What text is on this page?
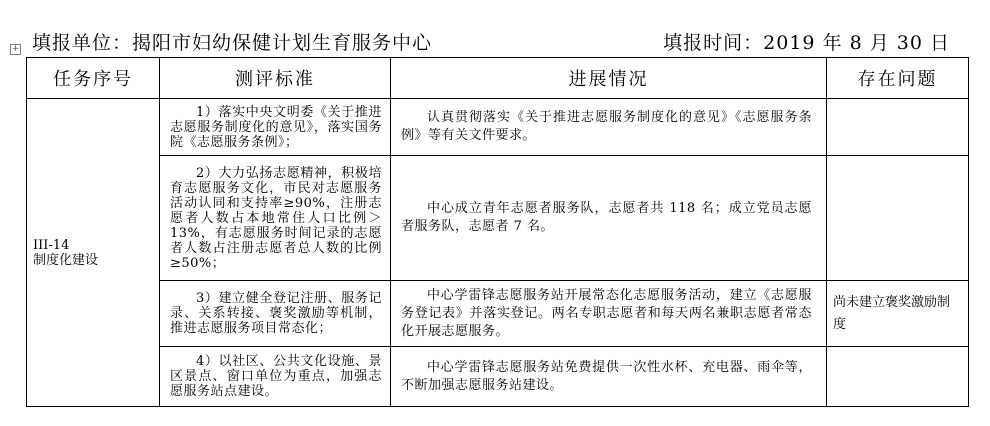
填报单位：揭阳市妇幼保健计划生育服务中心	填报时间：2019 年 8 月 30 日
+
任务序号	测评标准	进展情况	存在问题

III-14
制度化建设	1）落实中央文明委《关于推进志愿服务制度化的意见》，落实国务院《志愿服务条例》；	认真贯彻落实《关于推进志愿服务制度化的意见》《志愿服务条例》等有关文件要求。	
	2）大力弘扬志愿精神，积极培育志愿服务文化，市民对志愿服务活动认同和支持率≥90%，注册志愿者人数占本地常住人口比例＞13%，有志愿服务时间记录的志愿者人数占注册志愿者总人数的比例≥50%；	中心成立青年志愿者服务队，志愿者共 118 名；成立党员志愿者服务队，志愿者 7 名。	
	3）建立健全登记注册、服务记录、关系转接、褒奖激励等机制，推进志愿服务项目常态化；	中心学雷锋志愿服务站开展常态化志愿服务活动，建立《志愿服务登记表》并落实登记。两名专职志愿者和每天两名兼职志愿者常态化开展志愿服务。	尚未建立褒奖激励制度
	4）以社区、公共文化设施、景区景点、窗口单位为重点，加强志愿服务站点建设。	中心学雷锋志愿服务站免费提供一次性水杯、充电器、雨伞等，不断加强志愿服务站建设。	
